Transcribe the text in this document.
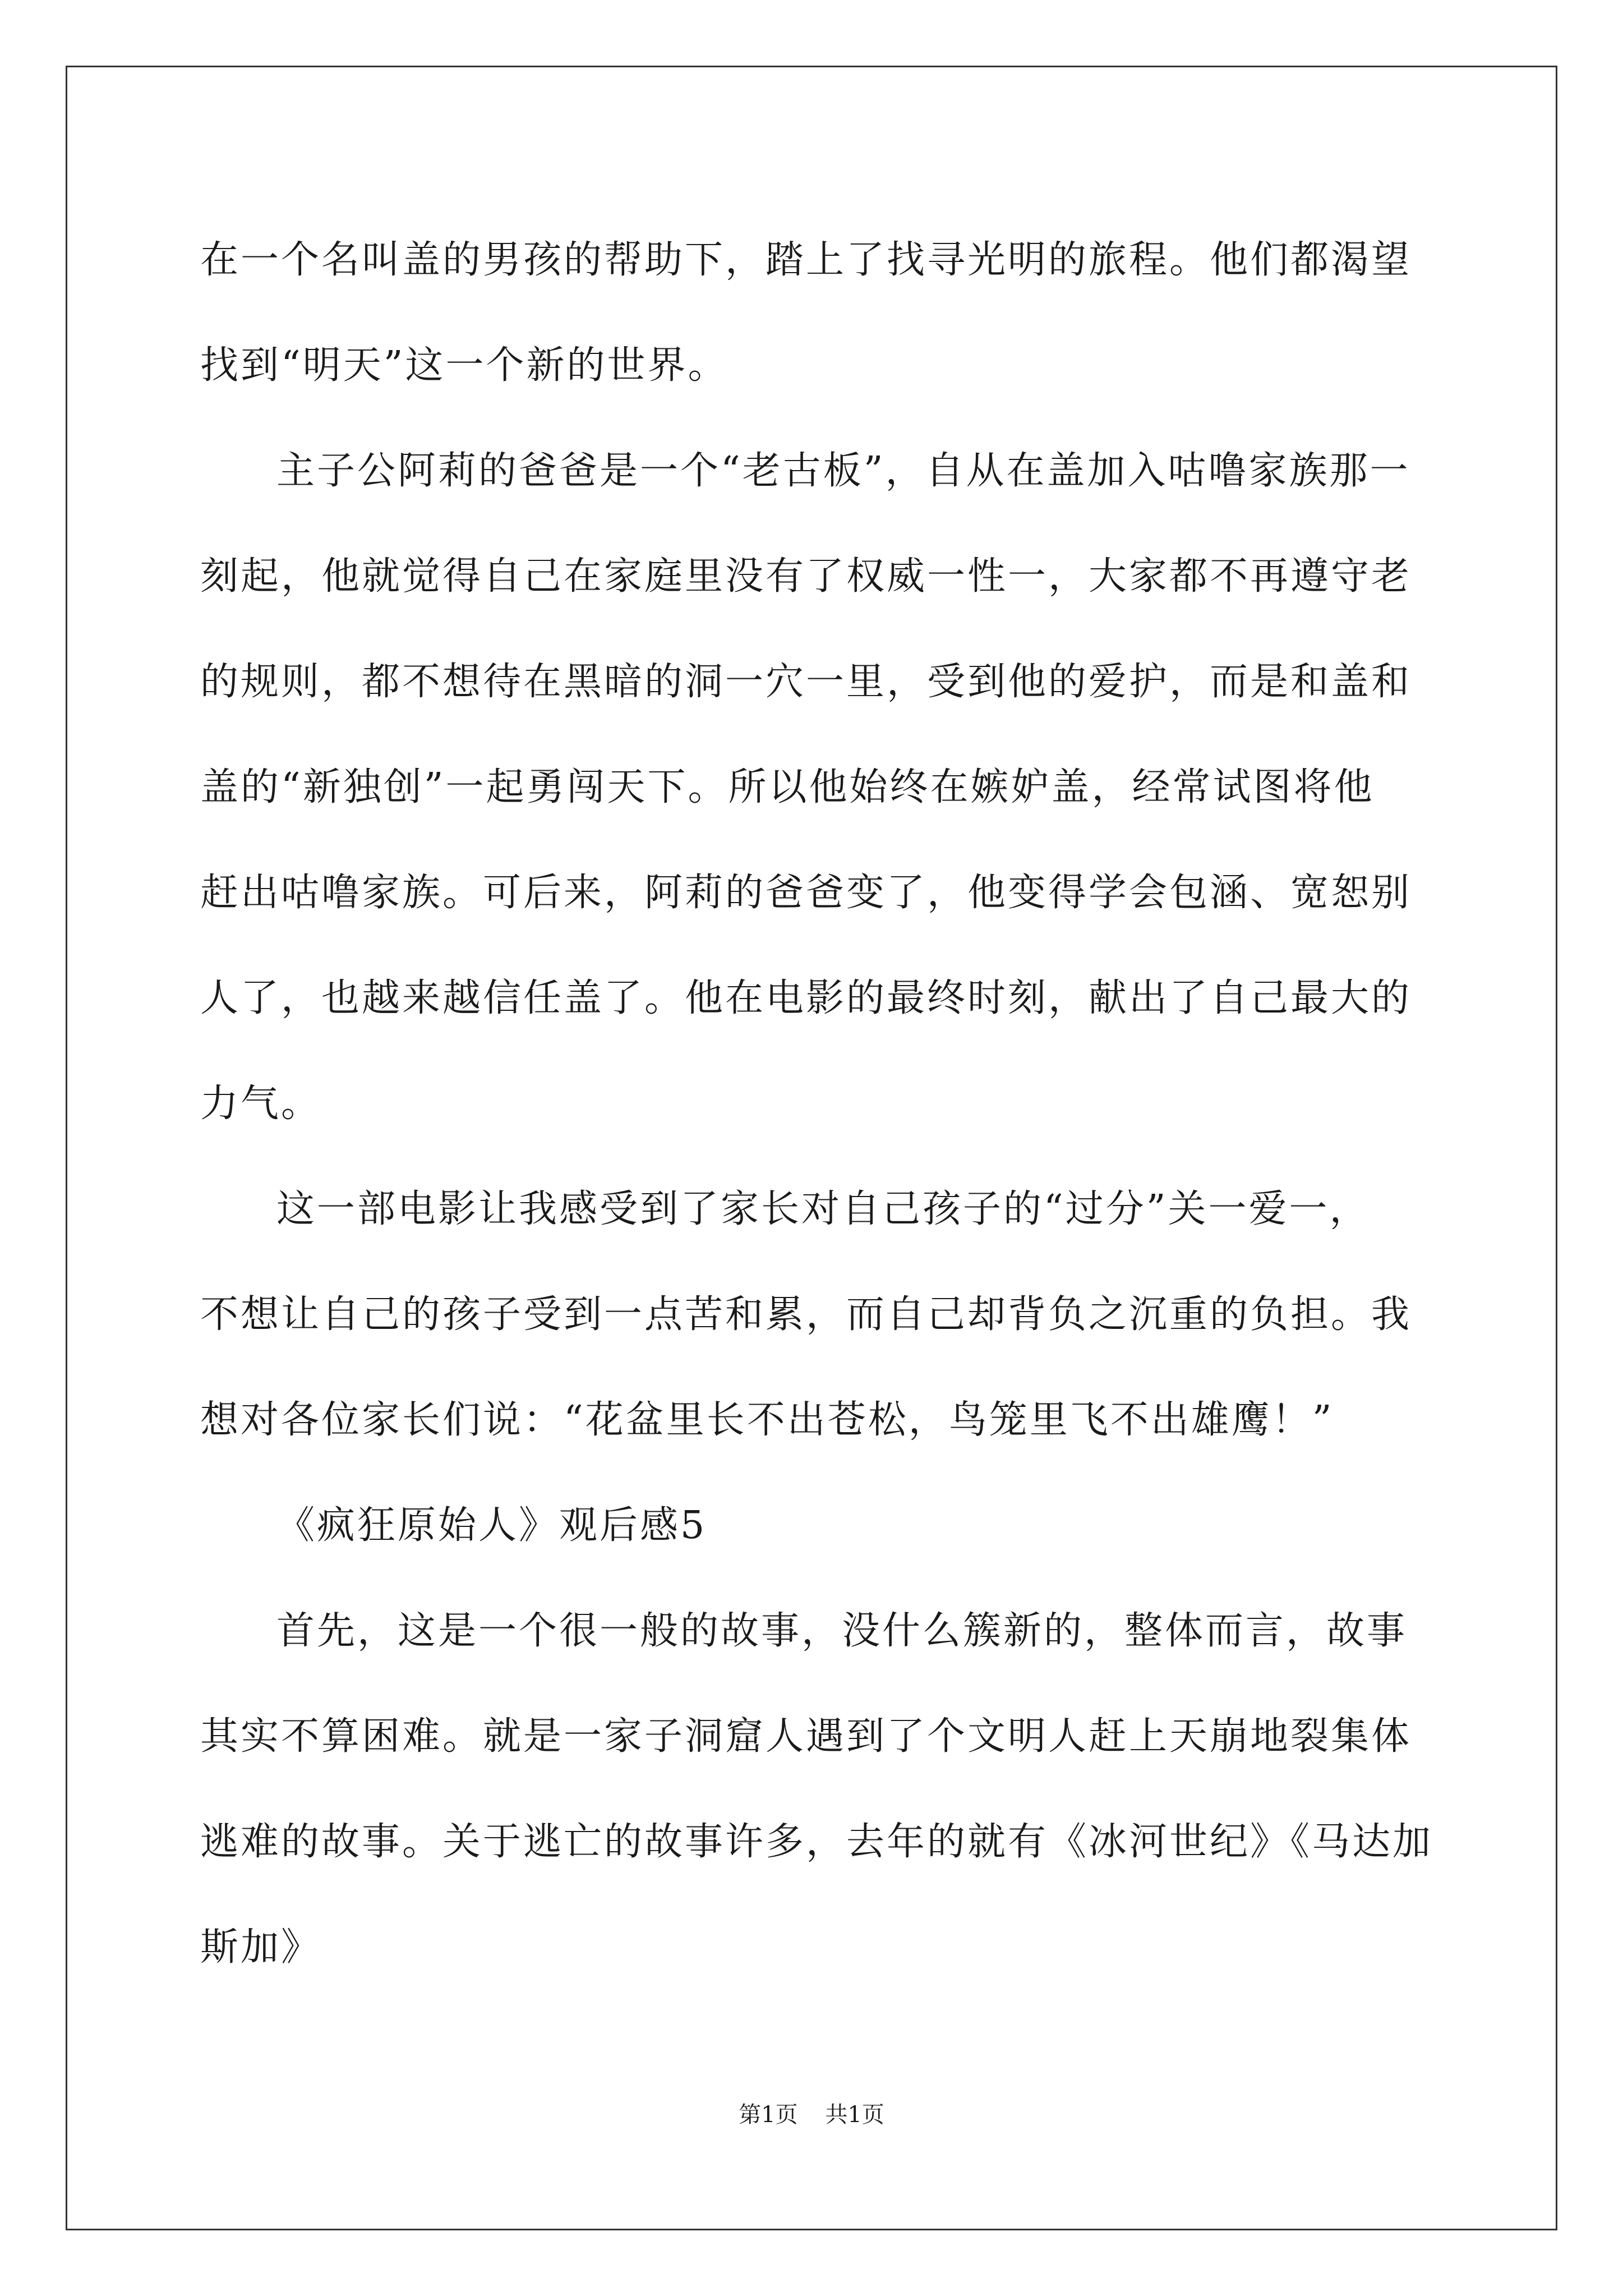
在一个名叫盖的男孩的帮助下，踏上了找寻光明的旅程。他们都渴望
找到“明天”这一个新的世界。
主子公阿莉的爸爸是一个“老古板”，自从在盖加入咕噜家族那一
刻起，他就觉得自己在家庭里没有了权威一性一，大家都不再遵守老
的规则，都不想待在黑暗的洞一穴一里，受到他的爱护，而是和盖和
盖的“新独创”一起勇闯天下。所以他始终在嫉妒盖，经常试图将他
赶出咕噜家族。可后来，阿莉的爸爸变了，他变得学会包涵、宽恕别
人了，也越来越信任盖了。他在电影的最终时刻，献出了自己最大的
力气。
这一部电影让我感受到了家长对自己孩子的“过分”关一爱一，
不想让自己的孩子受到一点苦和累，而自己却背负之沉重的负担。我
想对各位家长们说：“花盆里长不出苍松，鸟笼里飞不出雄鹰！”
《疯狂原始人》观后感5
首先，这是一个很一般的故事，没什么簇新的，整体而言，故事
其实不算困难。就是一家子洞窟人遇到了个文明人赶上天崩地裂集体
逃难的故事。关于逃亡的故事许多，去年的就有《冰河世纪》《马达加
斯加》
第1页 共1页
